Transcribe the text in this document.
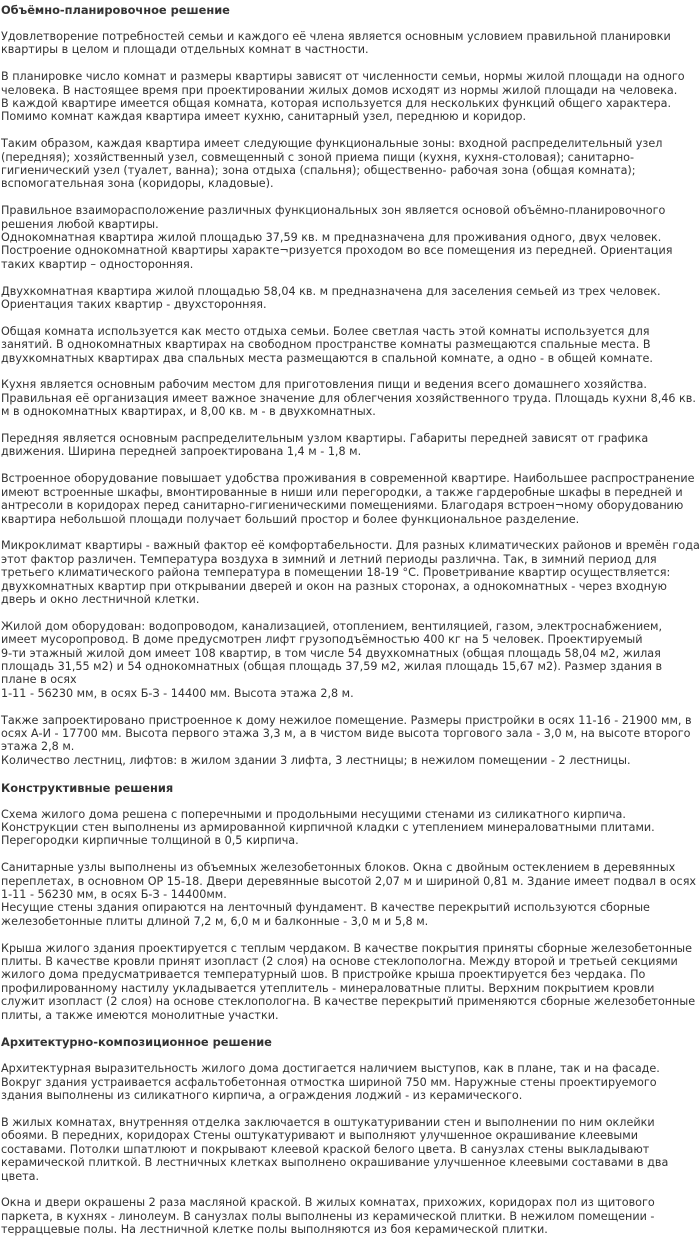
Объёмно-планировочное решение

Удовлетворение потребностей семьи и каждого её члена является основным условием правильной планировки квартиры в целом и площади отдельных комнат в частности.

В планировке число комнат и размеры квартиры зависят от численности семьи, нормы жилой площади на одного человека. В настоящее время при проектировании жилых домов исходят из нормы жилой площади на человека.
В каждой квартире имеется общая комната, которая используется для нескольких функций общего характера. Помимо комнат каждая квартира имеет кухню, санитарный узел, переднюю и коридор.

Таким образом, каждая квартира имеет следующие функциональные зоны: входной распределительный узел (передняя); хозяйственный узел, совмещенный с зоной приема пищи (кухня, кухня-столовая); санитарно-гигиенический узел (туалет, ванна); зона отдыха (спальня); общественно- рабочая зона (общая комната); вспомогательная зона (коридоры, кладовые).

Правильное взаиморасположение различных функциональных зон является основой объёмно-планировочного решения любой квартиры.
Однокомнатная квартира жилой площадью 37,59 кв. м предназначена для проживания одного, двух человек. Построение однокомнатной квартиры характе¬ризуется проходом во все помещения из передней. Ориентация таких квартир – односторонняя.

Двухкомнатная квартира жилой площадью 58,04 кв. м предназначена для заселения семьей из трех человек. Ориентация таких квартир - двухсторонняя.

Общая комната используется как место отдыха семьи. Более светлая часть этой комнаты используется для занятий. В однокомнатных квартирах на свободном пространстве комнаты размещаются спальные места. В двухкомнатных квартирах два спальных места размещаются в спальной комнате, а одно - в общей комнате.

Кухня является основным рабочим местом для приготовления пищи и ведения всего домашнего хозяйства. Правильная её организация имеет важное значение для облегчения хозяйственного труда. Площадь кухни 8,46 кв. м в однокомнатных квартирах, и 8,00 кв. м - в двухкомнатных.

Передняя является основным распределительным узлом квартиры. Габариты передней зависят от графика движения. Ширина передней запроектирована 1,4 м - 1,8 м.

Встроенное оборудование повышает удобства проживания в современной квартире. Наибольшее распространение имеют встроенные шкафы, вмонтированные в ниши или перегородки, а также гардеробные шкафы в передней и антресоли в коридорах перед санитарно-гигиеническими помещениями. Благодаря встроен¬ному оборудованию квартира небольшой площади получает больший простор и более функциональное разделение.

Микроклимат квартиры - важный фактор её комфортабельности. Для разных климатических районов и времён года этот фактор различен. Температура воздуха в зимний и летний периоды различна. Так, в зимний период для третьего климатического района температура в помещении 18-19 °С. Проветривание квартир осуществляется: двухкомнатных квартир при открывании дверей и окон на разных сторонах, а однокомнатных - через входную дверь и окно лестничной клетки.

Жилой дом оборудован: водопроводом, канализацией, отоплением, вентиляцией, газом, электроснабжением, имеет мусоропровод. В доме предусмотрен лифт грузоподъёмностью 400 кг на 5 человек. Проектируемый
9-ти этажный жилой дом имеет 108 квартир, в том числе 54 двухкомнатных (общая площадь 58,04 м2, жилая площадь 31,55 м2) и 54 однокомнатных (общая площадь 37,59 м2, жилая площадь 15,67 м2). Размер здания в плане в осях
1-11 - 56230 мм, в осях Б-З - 14400 мм. Высота этажа 2,8 м.

Также запроектировано пристроенное к дому нежилое помещение. Размеры пристройки в осях 11-16 - 21900 мм, в осях А-И - 17700 мм. Высота первого этажа 3,3 м, а в чистом виде высота торгового зала - 3,0 м, на высоте второго этажа 2,8 м.
Количество лестниц, лифтов: в жилом здании 3 лифта, 3 лестницы; в нежилом помещении - 2 лестницы.

Конструктивные решения

Схема жилого дома решена с поперечными и продольными несущими стенами из силикатного кирпича. Конструкции стен выполнены из армированной кирпичной кладки с утеплением минераловатными плитами. Перегородки кирпичные толщиной в 0,5 кирпича.

Санитарные узлы выполнены из объемных железобетонных блоков. Окна с двойным остеклением в деревянных переплетах, в основном ОР 15-18. Двери деревянные высотой 2,07 м и шириной 0,81 м. Здание имеет подвал в осях 1-11 - 56230 мм, в осях Б-З - 14400мм.
Несущие стены здания опираются на ленточный фундамент. В качестве перекрытий используются сборные железобетонные плиты длиной 7,2 м, 6,0 м и балконные - 3,0 м и 5,8 м.

Крыша жилого здания проектируется с теплым чердаком. В качестве покрытия приняты сборные железобетонные плиты. В качестве кровли принят изопласт (2 слоя) на основе стеклопологна. Между второй и третьей секциями жилого дома предусматривается температурный шов. В пристройке крыша проектируется без чердака. По профилированному настилу укладывается утеплитель - минераловатные плиты. Верхним покрытием кровли служит изопласт (2 слоя) на основе стеклопологна. В качестве перекрытий применяются сборные железобетонные плиты, а также имеются монолитные участки.

Архитектурно-композиционное решение

Архитектурная выразительность жилого дома достигается наличием выступов, как в плане, так и на фасаде. Вокруг здания устраивается асфальтобетонная отмостка шириной 750 мм. Наружные стены проектируемого здания выполнены из силикатного кирпича, а ограждения лоджий - из керамического.

В жилых комнатах, внутренняя отделка заключается в оштукатуривании стен и выполнении по ним оклейки обоями. В передних, коридорах Стены оштукатуривают и выполняют улучшенное окрашивание клеевыми составами. Потолки шпатлюют и покрывают клеевой краской белого цвета. В санузлах стены выкладывают керамической плиткой. В лестничных клетках выполнено окрашивание улучшенное клеевыми составами в два цвета.

Окна и двери окрашены 2 раза масляной краской. В жилых комнатах, прихожих, коридорах пол из щитового паркета, в кухнях - линолеум. В санузлах полы выполнены из керамической плитки. В нежилом помещении - терраццевые полы. На лестничной клетке полы выполняются из боя керамической плитки.
